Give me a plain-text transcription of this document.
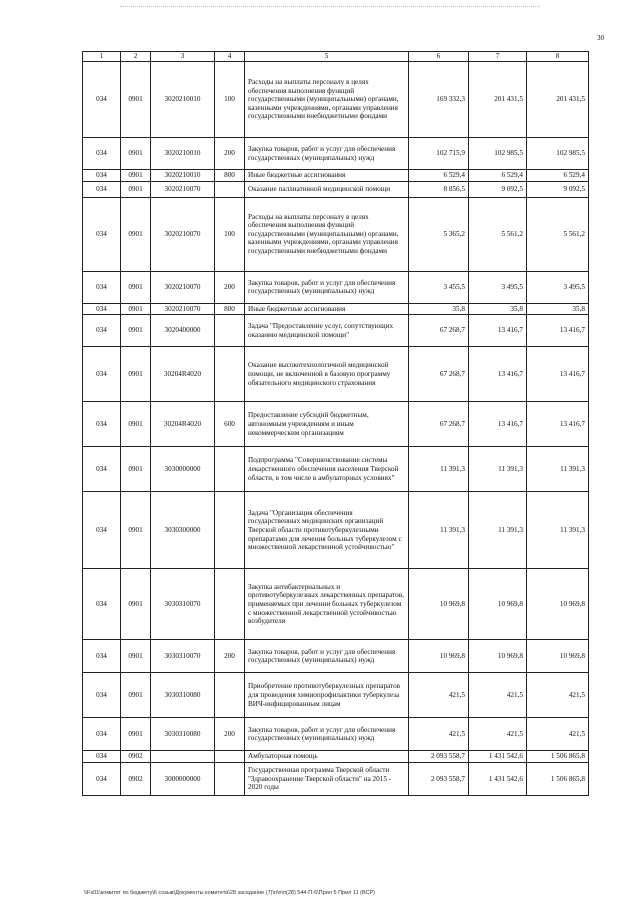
30
1	2	3	4	5	6	7	8
034	0901	3020210010	100	Расходы на выплаты персоналу в целях обеспечения выполнения функций государственными (муниципальными) органами, казенными учреждениями, органами управления государственными внебюджетными фондами	169 332,3	201 431,5	201 431,5
034	0901	3020210010	200	Закупка товаров, работ и услуг для обеспечения государственных (муниципальных) нужд	102 715,9	102 985,5	102 985,5
034	0901	3020210010	800	Иные бюджетные ассигнования	6 529,4	6 529,4	6 529,4
034	0901	3020210070		Оказание паллиативной медицинской помощи	8 856,5	9 092,5	9 092,5
034	0901	3020210070	100	Расходы на выплаты персоналу в целях обеспечения выполнения функций государственными (муниципальными) органами, казенными учреждениями, органами управления государственными внебюджетными фондами	5 365,2	5 561,2	5 561,2
034	0901	3020210070	200	Закупка товаров, работ и услуг для обеспечения государственных (муниципальных) нужд	3 455,5	3 495,5	3 495,5
034	0901	3020210070	800	Иные бюджетные ассигнования	35,8	35,8	35,8
034	0901	3020400000		Задача "Предоставление услуг, сопутствующих оказанию медицинской помощи"	67 268,7	13 416,7	13 416,7
034	0901	30204R4020		Оказание высокотехнологичной медицинской помощи, не включенной в базовую программу обязательного медицинского страхования	67 268,7	13 416,7	13 416,7
034	0901	30204R4020	600	Предоставление субсидий бюджетным, автономным учреждениям и иным некоммерческим организациям	67 268,7	13 416,7	13 416,7
034	0901	3030000000		Подпрограмма "Совершенствование системы лекарственного обеспечения населения Тверской области, в том числе в амбулаторных условиях"	11 391,3	11 391,3	11 391,3
034	0901	3030300000		Задача "Организация обеспечения государственных медицинских организаций Тверской области противотуберкулезными препаратами для лечения больных туберкулезом с множественной лекарственной устойчивостью"	11 391,3	11 391,3	11 391,3
034	0901	3030310070		Закупка антибактериальных и противотуберкулезных лекарственных препаратов, применяемых при лечении больных туберкулезом с множественной лекарственной устойчивостью возбудителя	10 969,8	10 969,8	10 969,8
034	0901	3030310070	200	Закупка товаров, работ и услуг для обеспечения государственных (муниципальных) нужд	10 969,8	10 969,8	10 969,8
034	0901	3030310080		Приобретение противотуберкулезных препаратов для проведения химиопрофилактики туберкулеза ВИЧ-инфицированным лицам	421,5	421,5	421,5
034	0901	3030310080	200	Закупка товаров, работ и услуг для обеспечения государственных (муниципальных) нужд	421,5	421,5	421,5
034	0902			Амбулаторная помощь	2 093 558,7	1 431 542,6	1 506 865,8
034	0902	3000000000		Государственная программа Тверской области "Здравоохранение Тверской области" на 2015 - 2020 годы	2 093 558,7	1 431 542,6	1 506 865,8
\\Fs01\комитет по бюджету\6 созыв\Документы комитета\28 заседание (7)\п\п\п(28) 544-П-6\Прил 5 Прил 11 (ВСР)
